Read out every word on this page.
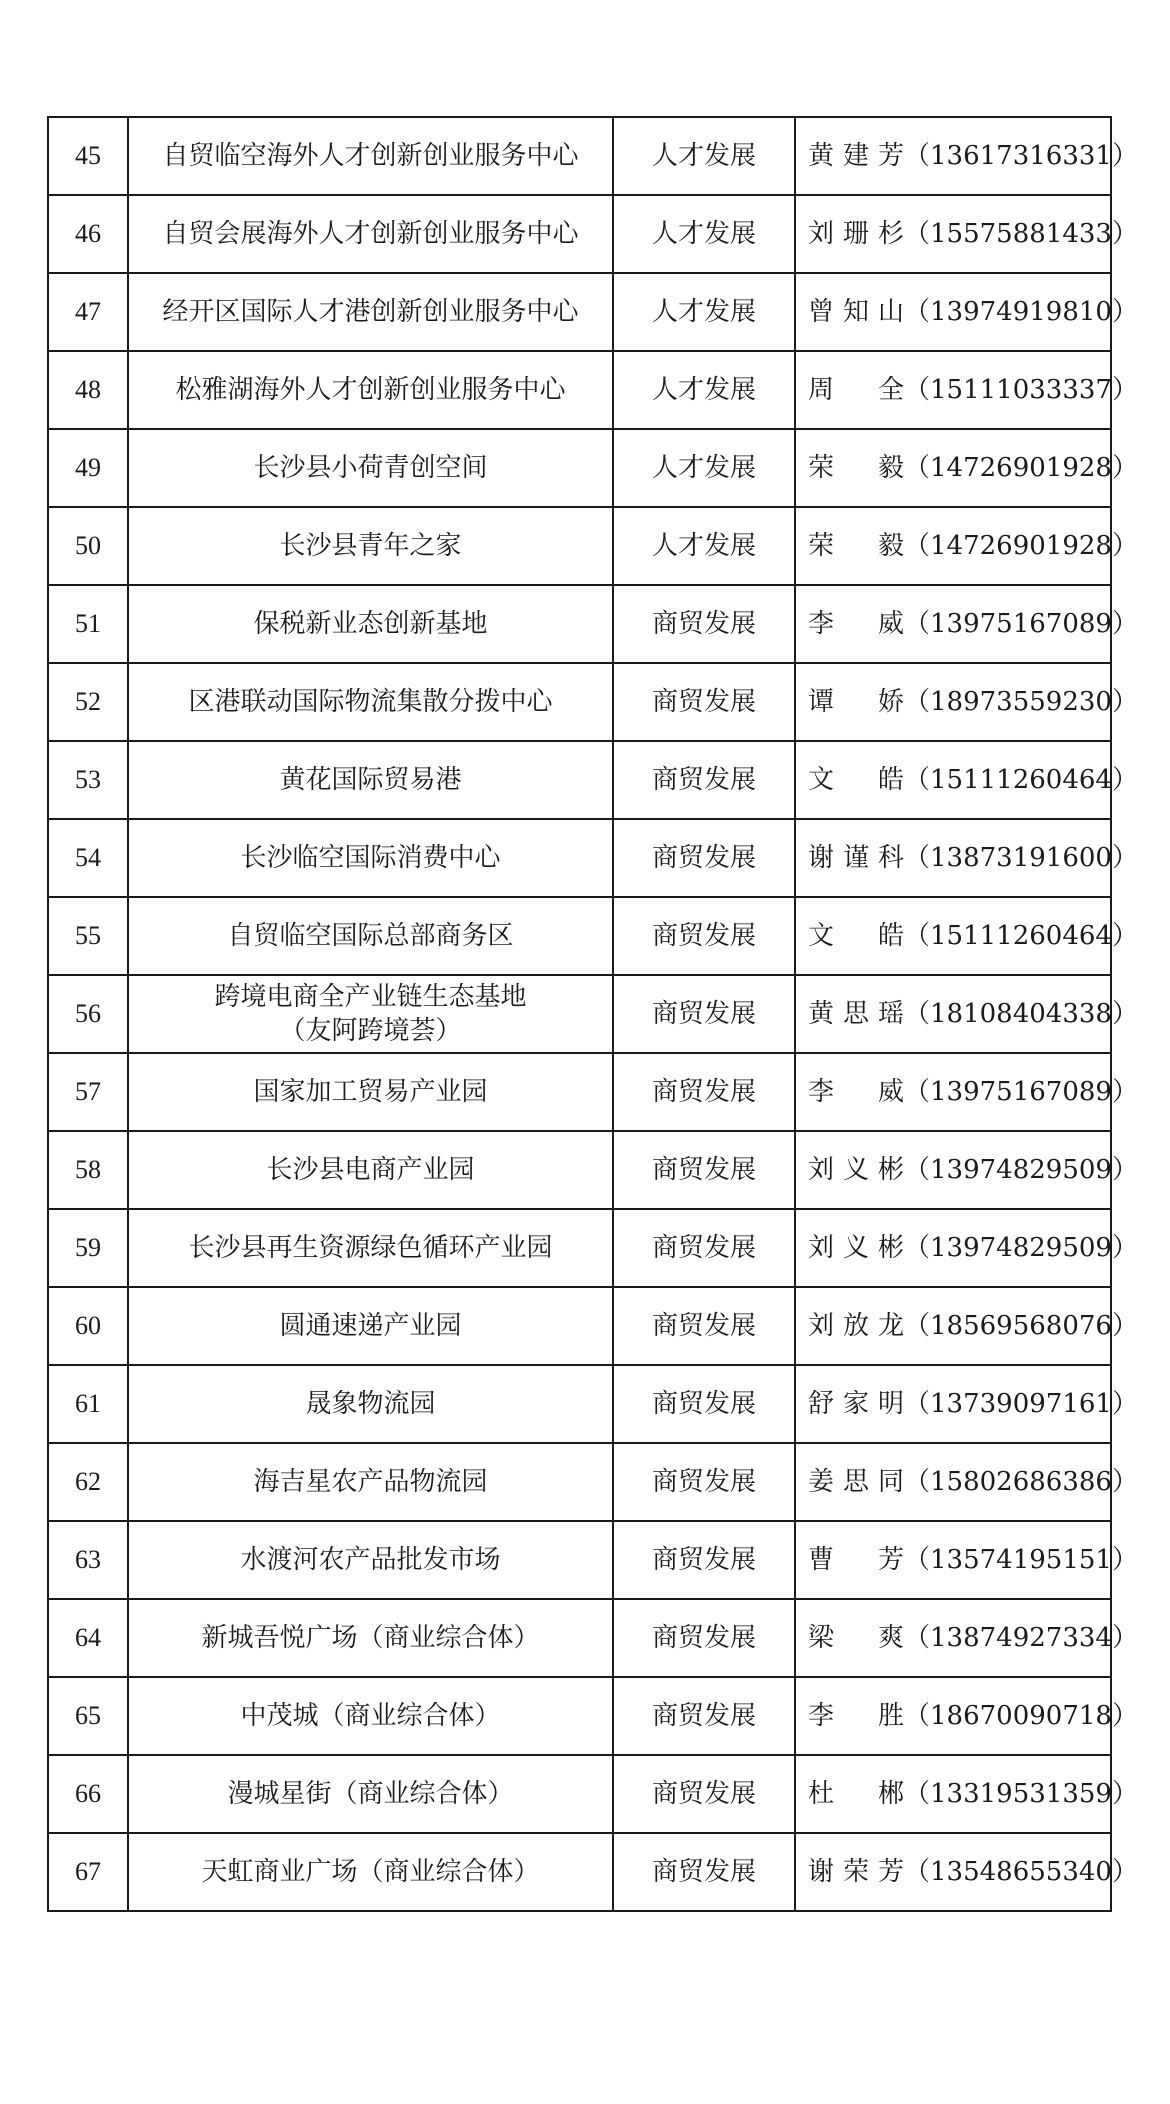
45	自贸临空海外人才创新创业服务中心	人才发展	黄建芳（13617316331）
46	自贸会展海外人才创新创业服务中心	人才发展	刘珊杉（15575881433）
47	经开区国际人才港创新创业服务中心	人才发展	曾知山（13974919810）
48	松雅湖海外人才创新创业服务中心	人才发展	周全（15111033337）
49	长沙县小荷青创空间	人才发展	荣毅（14726901928）
50	长沙县青年之家	人才发展	荣毅（14726901928）
51	保税新业态创新基地	商贸发展	李威（13975167089）
52	区港联动国际物流集散分拨中心	商贸发展	谭娇（18973559230）
53	黄花国际贸易港	商贸发展	文皓（15111260464）
54	长沙临空国际消费中心	商贸发展	谢谨科（13873191600）
55	自贸临空国际总部商务区	商贸发展	文皓（15111260464）
56	跨境电商全产业链生态基地
（友阿跨境荟）	商贸发展	黄思瑶（18108404338）
57	国家加工贸易产业园	商贸发展	李威（13975167089）
58	长沙县电商产业园	商贸发展	刘义彬（13974829509）
59	长沙县再生资源绿色循环产业园	商贸发展	刘义彬（13974829509）
60	圆通速递产业园	商贸发展	刘放龙（18569568076）
61	晟象物流园	商贸发展	舒家明（13739097161）
62	海吉星农产品物流园	商贸发展	姜思同（15802686386）
63	水渡河农产品批发市场	商贸发展	曹芳（13574195151）
64	新城吾悦广场（商业综合体）	商贸发展	梁爽（13874927334）
65	中茂城（商业综合体）	商贸发展	李胜（18670090718）
66	漫城星街（商业综合体）	商贸发展	杜郴（13319531359）
67	天虹商业广场（商业综合体）	商贸发展	谢荣芳（13548655340）
